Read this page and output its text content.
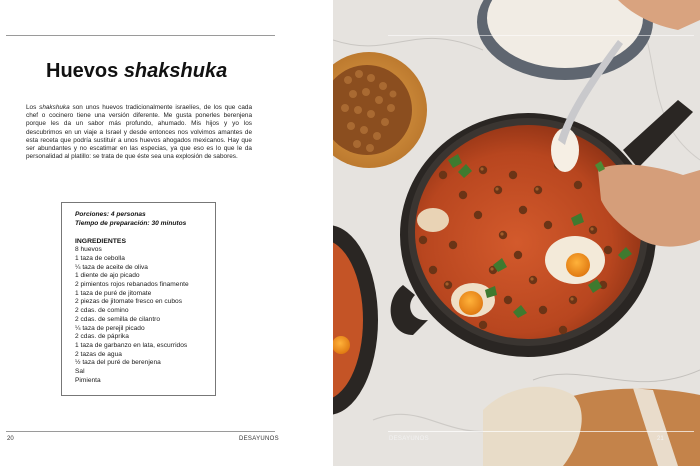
Huevos shakshuka

Los shakshuka son unos huevos tradicionalmente israelíes, de los que cada chef o cocinero tiene una versión diferente. Me gusta ponerles berenjena porque les da un sabor más profundo, ahumado. Mis hijos y yo los descubrimos en un viaje a Israel y desde entonces nos volvimos amantes de esta receta que podría sustituir a unos huevos ahogados mexicanos. Hay que ser abundantes y no escatimar en las especias, ya que eso es lo que le da personalidad al platillo: se trata de que éste sea una explosión de sabores.

Porciones: 4 personas
Tiempo de preparación: 30 minutos
INGREDIENTES
8 huevos
1 taza de cebolla
¼ taza de aceite de oliva
1 diente de ajo picado
2 pimientos rojos rebanados finamente
1 taza de puré de jitomate
2 piezas de jitomate fresco en cubos
2 cdas. de comino
2 cdas. de semilla de cilantro
¼ taza de perejil picado
2 cdas. de páprika
1 taza de garbanzo en lata, escurridos
2 tazas de agua
½ taza del puré de berenjena
Sal
Pimienta
20	DESAYUNOS	DESAYUNOS	21
